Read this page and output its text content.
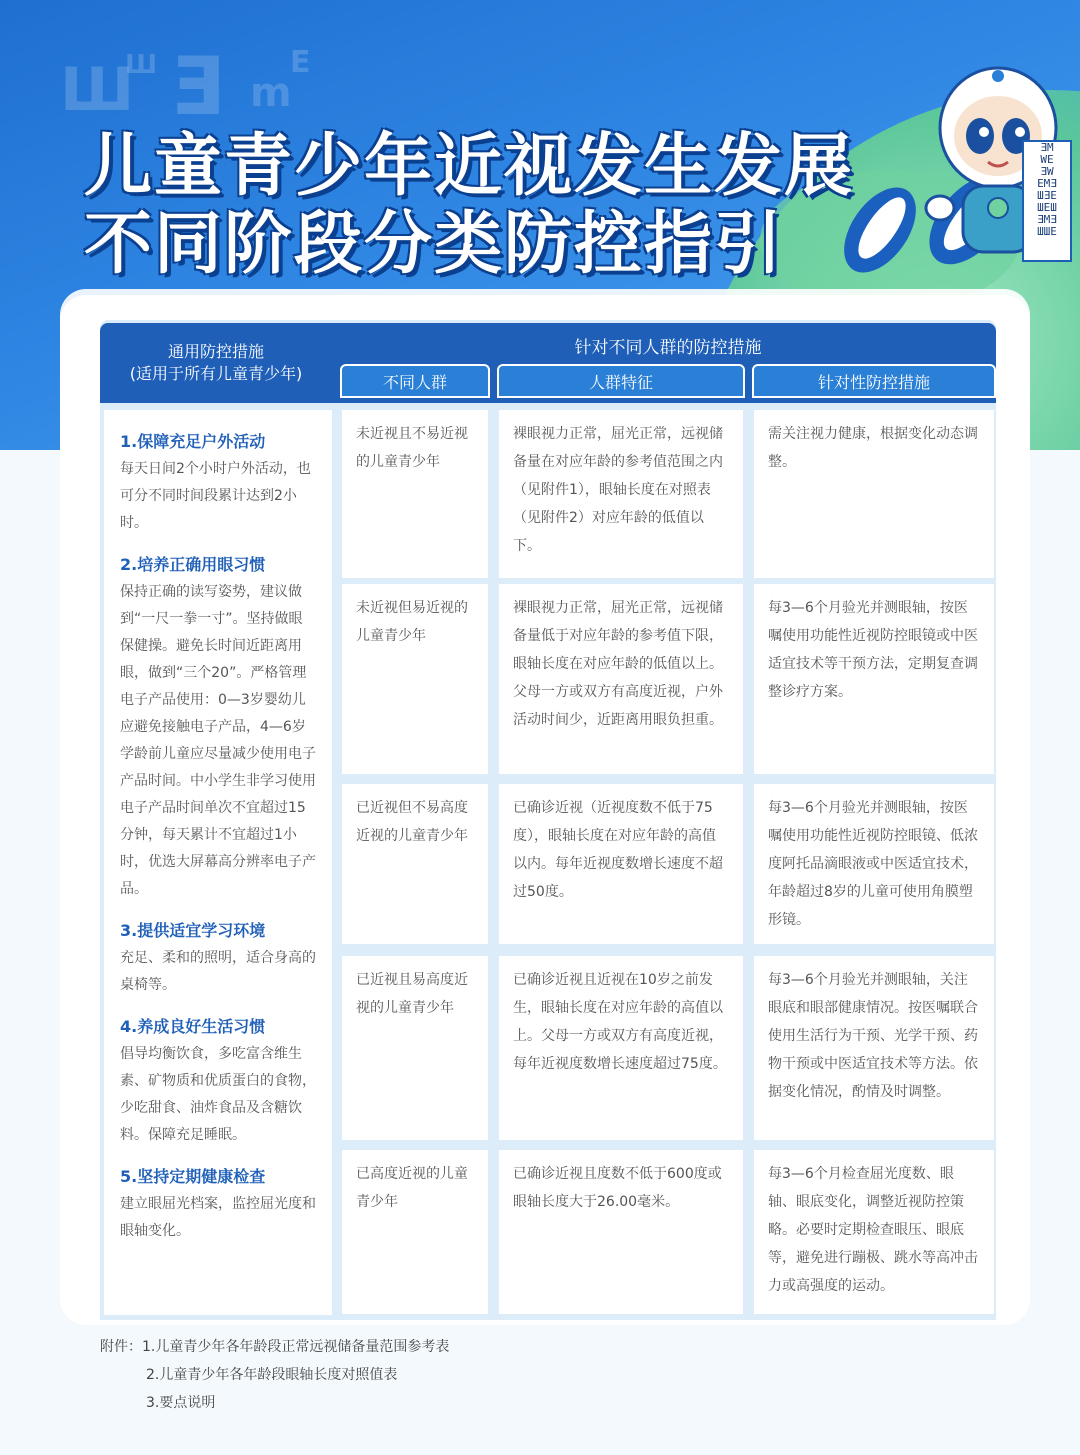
Ш Ǝ m
E
Ш
ƎM
WE
ƎW
EMƎ
ШƎE
ШEШ
ƎMƎ
ШШE
儿童青少年近视发生发展
不同阶段分类防控指引
通用防控措施
(适用于所有儿童青少年)
针对不同人群的防控措施
不同人群	人群特征	针对性防控措施
1.保障充足户外活动
每天日间2个小时户外活动，也可分不同时间段累计达到2小时。
2.培养正确用眼习惯
保持正确的读写姿势，建议做到“一尺一拳一寸”。坚持做眼保健操。避免长时间近距离用眼，做到“三个20”。严格管理电子产品使用：0—3岁婴幼儿应避免接触电子产品，4—6岁学龄前儿童应尽量减少使用电子产品时间。中小学生非学习使用电子产品时间单次不宜超过15分钟，每天累计不宜超过1小时，优选大屏幕高分辨率电子产品。
3.提供适宜学习环境
充足、柔和的照明，适合身高的桌椅等。
4.养成良好生活习惯
倡导均衡饮食，多吃富含维生素、矿物质和优质蛋白的食物，少吃甜食、油炸食品及含糖饮料。保障充足睡眠。
5.坚持定期健康检查
建立眼屈光档案，监控屈光度和眼轴变化。
未近视且不易近视的儿童青少年
裸眼视力正常，屈光正常，远视储备量在对应年龄的参考值范围之内（见附件1），眼轴长度在对照表（见附件2）对应年龄的低值以下。
需关注视力健康，根据变化动态调整。
未近视但易近视的儿童青少年
裸眼视力正常，屈光正常，远视储备量低于对应年龄的参考值下限，眼轴长度在对应年龄的低值以上。父母一方或双方有高度近视，户外活动时间少，近距离用眼负担重。
每3—6个月验光并测眼轴，按医嘱使用功能性近视防控眼镜或中医适宜技术等干预方法，定期复查调整诊疗方案。
已近视但不易高度近视的儿童青少年
已确诊近视（近视度数不低于75度），眼轴长度在对应年龄的高值以内。每年近视度数增长速度不超过50度。
每3—6个月验光并测眼轴，按医嘱使用功能性近视防控眼镜、低浓度阿托品滴眼液或中医适宜技术，年龄超过8岁的儿童可使用角膜塑形镜。
已近视且易高度近视的儿童青少年
已确诊近视且近视在10岁之前发生，眼轴长度在对应年龄的高值以上。父母一方或双方有高度近视，每年近视度数增长速度超过75度。
每3—6个月验光并测眼轴，关注眼底和眼部健康情况。按医嘱联合使用生活行为干预、光学干预、药物干预或中医适宜技术等方法。依据变化情况，酌情及时调整。
已高度近视的儿童青少年
已确诊近视且度数不低于600度或眼轴长度大于26.00毫米。
每3—6个月检查屈光度数、眼轴、眼底变化，调整近视防控策略。必要时定期检查眼压、眼底等，避免进行蹦极、跳水等高冲击力或高强度的运动。
附件：1.儿童青少年各年龄段正常远视储备量范围参考表
2.儿童青少年各年龄段眼轴长度对照值表
3.要点说明
